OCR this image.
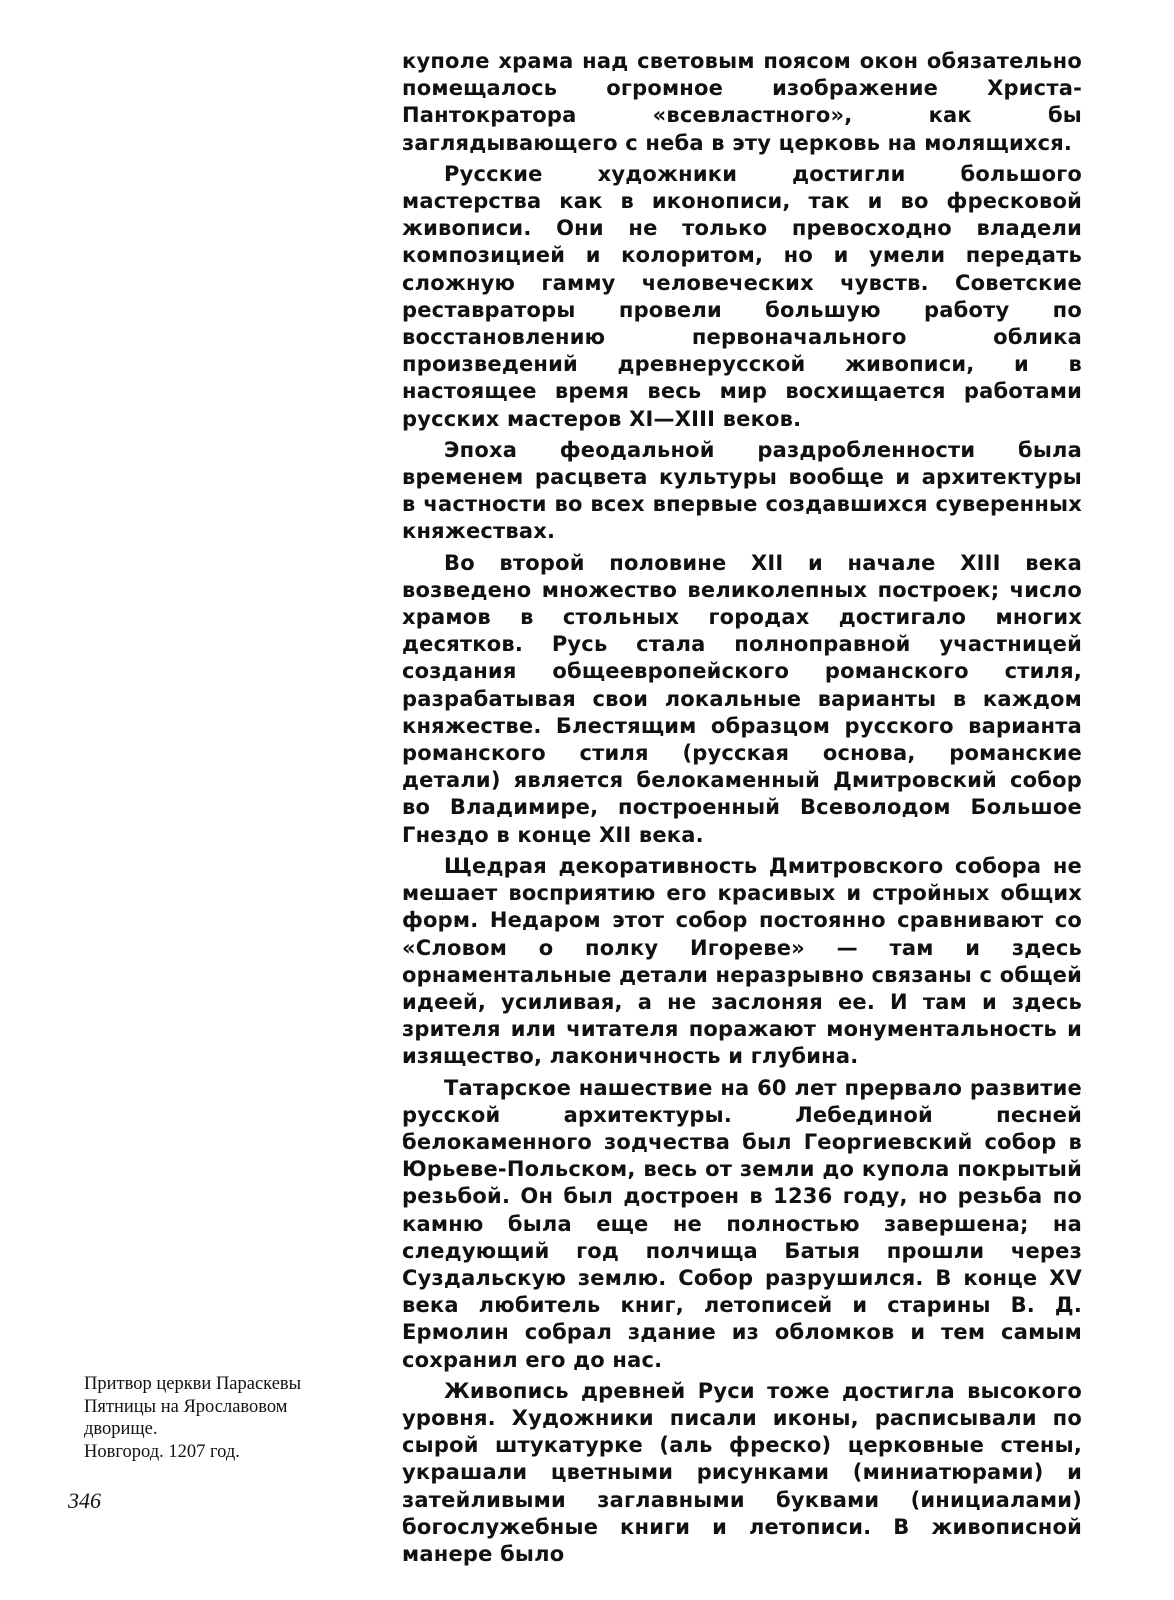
куполе храма над световым поясом окон обязательно помещалось огромное изображение Христа-Пантократора «всевластного», как бы заглядывающего с неба в эту церковь на молящихся.

Русские художники достигли большого мастерства как в иконописи, так и во фресковой живописи. Они не только превосходно владели композицией и колоритом, но и умели передать сложную гамму человеческих чувств. Советские реставраторы провели большую работу по восстановлению первоначального облика произведений древнерусской живописи, и в настоящее время весь мир восхищается работами русских мастеров XI—XIII веков.

Эпоха феодальной раздробленности была временем расцвета культуры вообще и архитектуры в частности во всех впервые создавшихся суверенных княжествах.

Во второй половине XII и начале XIII века возведено множество великолепных построек; число храмов в стольных городах достигало многих десятков. Русь стала полноправной участницей создания общеевропейского романского стиля, разрабатывая свои локальные варианты в каждом княжестве. Блестящим образцом русского варианта романского стиля (русская основа, романские детали) является белокаменный Дмитровский собор во Владимире, построенный Всеволодом Большое Гнездо в конце XII века.

Щедрая декоративность Дмитровского собора не мешает восприятию его красивых и стройных общих форм. Недаром этот собор постоянно сравнивают со «Словом о полку Игореве» — там и здесь орнаментальные детали неразрывно связаны с общей идеей, усиливая, а не заслоняя ее. И там и здесь зрителя или читателя поражают монументальность и изящество, лаконичность и глубина.

Татарское нашествие на 60 лет прервало развитие русской архитектуры. Лебединой песней белокаменного зодчества был Георгиевский собор в Юрьеве-Польском, весь от земли до купола покрытый резьбой. Он был достроен в 1236 году, но резьба по камню была еще не полностью завершена; на следующий год полчища Батыя прошли через Суздальскую землю. Собор разрушился. В конце XV века любитель книг, летописей и старины В. Д. Ермолин собрал здание из обломков и тем самым сохранил его до нас.

Живопись древней Руси тоже достигла высокого уровня. Художники писали иконы, расписывали по сырой штукатурке (аль фреско) церковные стены, украшали цветными рисунками (миниатюрами) и затейливыми заглавными буквами (инициалами) богослужебные книги и летописи. В живописной манере было

Притвор церкви Параскевы
Пятницы на Ярославовом
дворище.
Новгород. 1207 год.
346
